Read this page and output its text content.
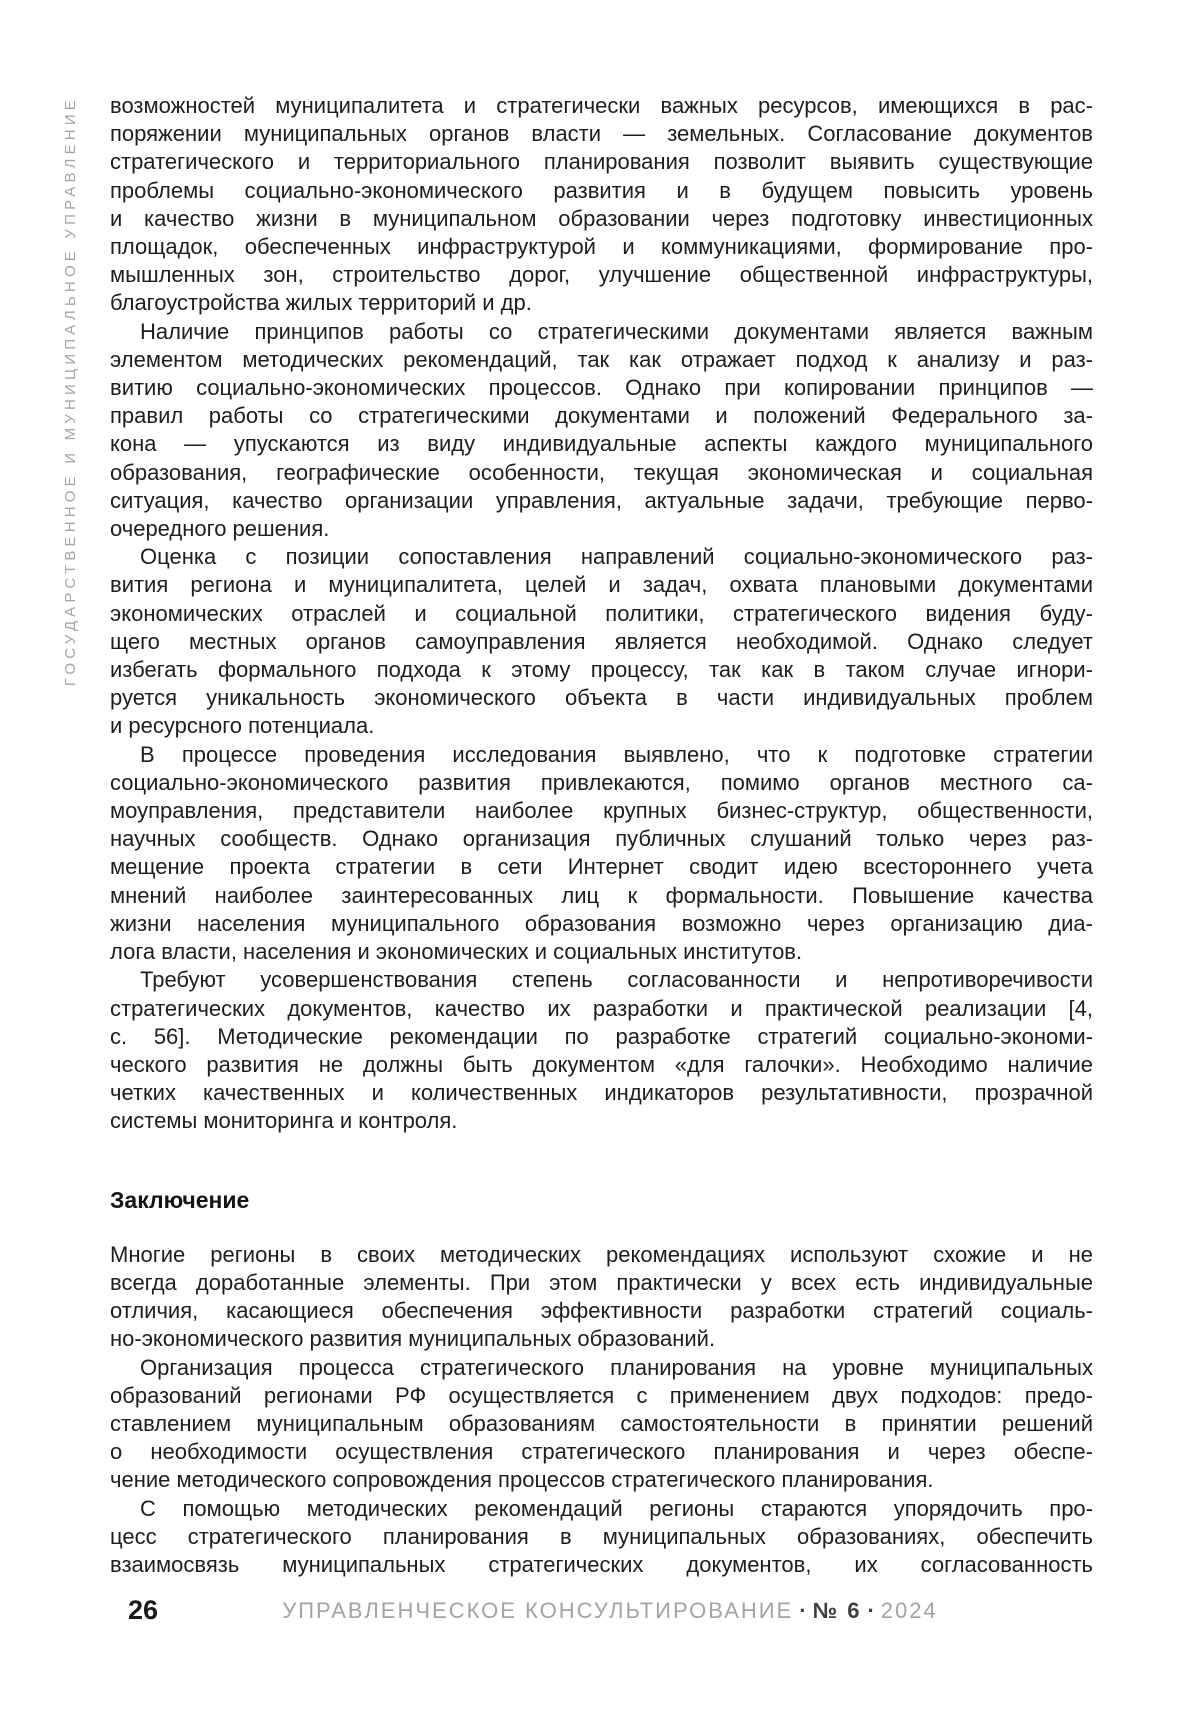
ГОСУДАРСТВЕННОЕ И МУНИЦИПАЛЬНОЕ УПРАВЛЕНИЕ возможностей муниципалитета и стратегически важных ресурсов, имеющихся в рас-
поряжении муниципальных органов власти — земельных. Согласование документов
стратегического и территориального планирования позволит выявить существующие
проблемы социально-экономического развития и в будущем повысить уровень
и качество жизни в муниципальном образовании через подготовку инвестиционных
площадок, обеспеченных инфраструктурой и коммуникациями, формирование про-
мышленных зон, строительство дорог, улучшение общественной инфраструктуры,
благоустройства жилых территорий и др.
Наличие принципов работы со стратегическими документами является важным
элементом методических рекомендаций, так как отражает подход к анализу и раз-
витию социально-экономических процессов. Однако при копировании принципов —
правил работы со стратегическими документами и положений Федерального за-
кона — упускаются из виду индивидуальные аспекты каждого муниципального
образования, географические особенности, текущая экономическая и социальная
ситуация, качество организации управления, актуальные задачи, требующие перво-
очередного решения.
Оценка с позиции сопоставления направлений социально-экономического раз-
вития региона и муниципалитета, целей и задач, охвата плановыми документами
экономических отраслей и социальной политики, стратегического видения буду-
щего местных органов самоуправления является необходимой. Однако следует
избегать формального подхода к этому процессу, так как в таком случае игнори-
руется уникальность экономического объекта в части индивидуальных проблем
и ресурсного потенциала.
В процессе проведения исследования выявлено, что к подготовке стратегии
социально-экономического развития привлекаются, помимо органов местного са-
моуправления, представители наиболее крупных бизнес-структур, общественности,
научных сообществ. Однако организация публичных слушаний только через раз-
мещение проекта стратегии в сети Интернет сводит идею всестороннего учета
мнений наиболее заинтересованных лиц к формальности. Повышение качества
жизни населения муниципального образования возможно через организацию диа-
лога власти, населения и экономических и социальных институтов.
Требуют усовершенствования степень согласованности и непротиворечивости
стратегических документов, качество их разработки и практической реализации [4,
с. 56]. Методические рекомендации по разработке стратегий социально-экономи-
ческого развития не должны быть документом «для галочки». Необходимо наличие
четких качественных и количественных индикаторов результативности, прозрачной
системы мониторинга и контроля.
Заключение
Многие регионы в своих методических рекомендациях используют схожие и не
всегда доработанные элементы. При этом практически у всех есть индивидуальные
отличия, касающиеся обеспечения эффективности разработки стратегий социаль-
но-экономического развития муниципальных образований.
Организация процесса стратегического планирования на уровне муниципальных
образований регионами РФ осуществляется с применением двух подходов: предо-
ставлением муниципальным образованиям самостоятельности в принятии решений
о необходимости осуществления стратегического планирования и через обеспе-
чение методического сопровождения процессов стратегического планирования.
С помощью методических рекомендаций регионы стараются упорядочить про-
цесс стратегического планирования в муниципальных образованиях, обеспечить
взаимосвязь муниципальных стратегических документов, их согласованность
26	УПРАВЛЕНЧЕСКОЕ КОНСУЛЬТИРОВАНИЕ · № 6 · 2024
